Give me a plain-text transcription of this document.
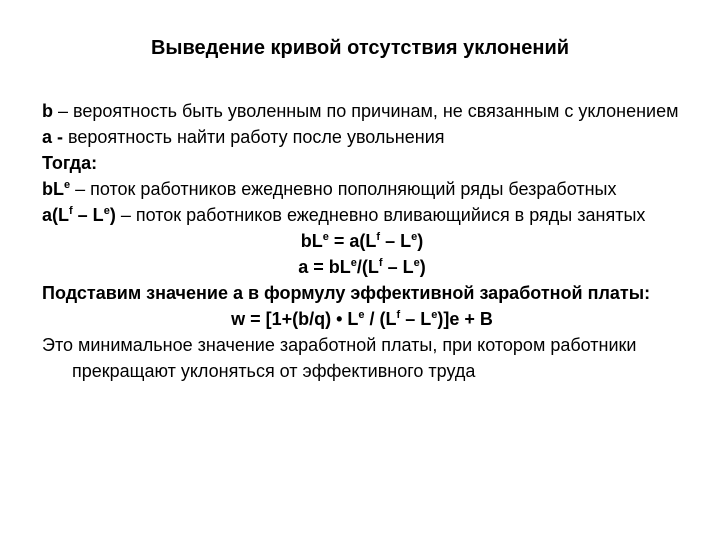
Выведение кривой отсутствия уклонений
b – вероятность быть уволенным по причинам, не связанным с уклонением
a - вероятность найти работу после увольнения
Тогда:
$bL^e$ – поток работников ежедневно пополняющий ряды безработных
$a(L^f - Le)$ – поток работников ежедневно вливающийися в ряды занятых
$bL^e = a(L^f - Le)$
$a = bL^e/(L^f - Le)$
Подставим значение a в формулу эффективной заработной платы:
w = [1+(b/q) • $Le / (L^f - L^e)]e + B$
Это минимальное значение заработной платы, при котором работники прекращают уклоняться от эффективного труда
